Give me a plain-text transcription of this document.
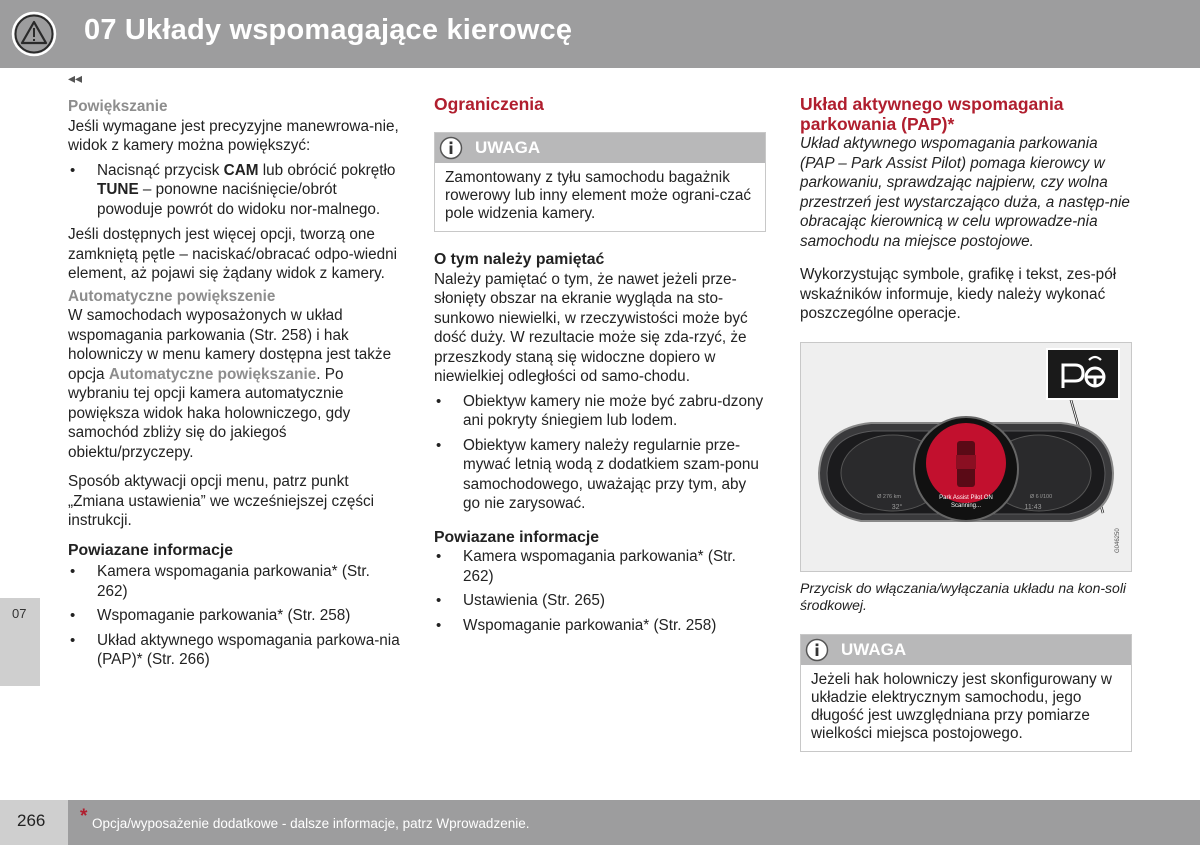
07 Układy wspomagające kierowcę
◂◂
07
Powiększanie

Jeśli wymagane jest precyzyjne manewrowa-nie, widok z kamery można powiększyć:

• Nacisnąć przycisk CAM lub obrócić pokrętło TUNE – ponowne naciśnięcie/obrót powoduje powrót do widoku nor-malnego.

Jeśli dostępnych jest więcej opcji, tworzą one zamkniętą pętle – naciskać/obracać odpo-wiedni element, aż pojawi się żądany widok z kamery.

Automatyczne powiększenie

W samochodach wyposażonych w układ wspomagania parkowania (Str. 258) i hak holowniczy w menu kamery dostępna jest także opcja Automatyczne powiększanie. Po wybraniu tej opcji kamera automatycznie powiększa widok haka holowniczego, gdy samochód zbliży się do jakiegoś obiektu/przyczepy.

Sposób aktywacji opcji menu, patrz punkt „Zmiana ustawienia” we wcześniejszej części instrukcji.

Powiazane informacje
• Kamera wspomagania parkowania* (Str. 262)
• Wspomaganie parkowania* (Str. 258)
• Układ aktywnego wspomagania parkowa-nia (PAP)* (Str. 266)
Ograniczenia
UWAGA
Zamontowany z tyłu samochodu bagażnik rowerowy lub inny element może ograni-czać pole widzenia kamery.
O tym należy pamiętać

Należy pamiętać o tym, że nawet jeżeli prze-słonięty obszar na ekranie wygląda na sto-sunkowo niewielki, w rzeczywistości może być dość duży. W rezultacie może się zda-rzyć, że przeszkody staną się widoczne dopiero w niewielkiej odległości od samo-chodu.

• Obiektyw kamery nie może być zabru-dzony ani pokryty śniegiem lub lodem.
• Obiektyw kamery należy regularnie prze-mywać letnią wodą z dodatkiem szam-ponu samochodowego, uważając przy tym, aby go nie zarysować.
Powiazane informacje
• Kamera wspomagania parkowania* (Str. 262)
• Ustawienia (Str. 265)
• Wspomaganie parkowania* (Str. 258)
Układ aktywnego wspomagania parkowania (PAP)*

Układ aktywnego wspomagania parkowania (PAP – Park Assist Pilot) pomaga kierowcy w parkowaniu, sprawdzając najpierw, czy wolna przestrzeń jest wystarczająco duża, a następ-nie obracając kierownicą w celu wprowadze-nia samochodu na miejsce postojowe.

Wykorzystując symbole, grafikę i tekst, zes-pół wskaźników informuje, kiedy należy wykonać poszczególne operacje.

Park Assist Pilot ON
Scanning...
Ø 276 km
32°
Ø 6 l/100
11:43
G046250
Przycisk do włączania/wyłączania układu na kon-soli środkowej.
UWAGA
Jeżeli hak holowniczy jest skonfigurowany w układzie elektrycznym samochodu, jego długość jest uwzględniana przy pomiarze wielkości miejsca postojowego.
266 * Opcja/wyposażenie dodatkowe - dalsze informacje, patrz Wprowadzenie.
